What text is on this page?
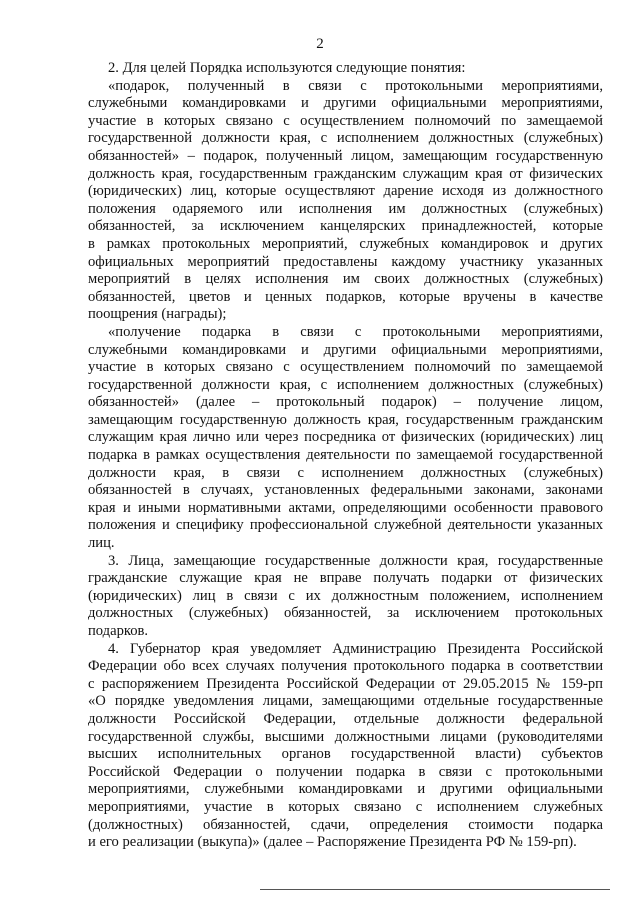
2

2. Для целей Порядка используются следующие понятия:

«подарок, полученный в связи с протокольными мероприятиями,
служебными командировками и другими официальными мероприятиями,
участие в которых связано с осуществлением полномочий по замещаемой
государственной должности края, с исполнением должностных (служебных)
обязанностей» – подарок, полученный лицом, замещающим государственную
должность края, государственным гражданским служащим края от физических
(юридических) лиц, которые осуществляют дарение исходя из должностного
положения одаряемого или исполнения им должностных (служебных)
обязанностей, за исключением канцелярских принадлежностей, которые
в рамках протокольных мероприятий, служебных командировок и других
официальных мероприятий предоставлены каждому участнику указанных
мероприятий в целях исполнения им своих должностных (служебных)
обязанностей, цветов и ценных подарков, которые вручены в качестве
поощрения (награды);

«получение подарка в связи с протокольными мероприятиями,
служебными командировками и другими официальными мероприятиями,
участие в которых связано с осуществлением полномочий по замещаемой
государственной должности края, с исполнением должностных (служебных)
обязанностей» (далее – протокольный подарок) – получение лицом,
замещающим государственную должность края, государственным гражданским
служащим края лично или через посредника от физических (юридических) лиц
подарка в рамках осуществления деятельности по замещаемой государственной
должности края, в связи с исполнением должностных (служебных)
обязанностей в случаях, установленных федеральными законами, законами
края и иными нормативными актами, определяющими особенности правового
положения и специфику профессиональной служебной деятельности указанных
лиц.

3. Лица, замещающие государственные должности края, государственные
гражданские служащие края не вправе получать подарки от физических
(юридических) лиц в связи с их должностным положением, исполнением
должностных (служебных) обязанностей, за исключением протокольных
подарков.

4. Губернатор края уведомляет Администрацию Президента Российской
Федерации обо всех случаях получения протокольного подарка в соответствии
с распоряжением Президента Российской Федерации от 29.05.2015 № 159-рп
«О порядке уведомления лицами, замещающими отдельные государственные
должности Российской Федерации, отдельные должности федеральной
государственной службы, высшими должностными лицами (руководителями
высших исполнительных органов государственной власти) субъектов
Российской Федерации о получении подарка в связи с протокольными
мероприятиями, служебными командировками и другими официальными
мероприятиями, участие в которых связано с исполнением служебных
(должностных) обязанностей, сдачи, определения стоимости подарка
и его реализации (выкупа)» (далее – Распоряжение Президента РФ № 159-рп).
